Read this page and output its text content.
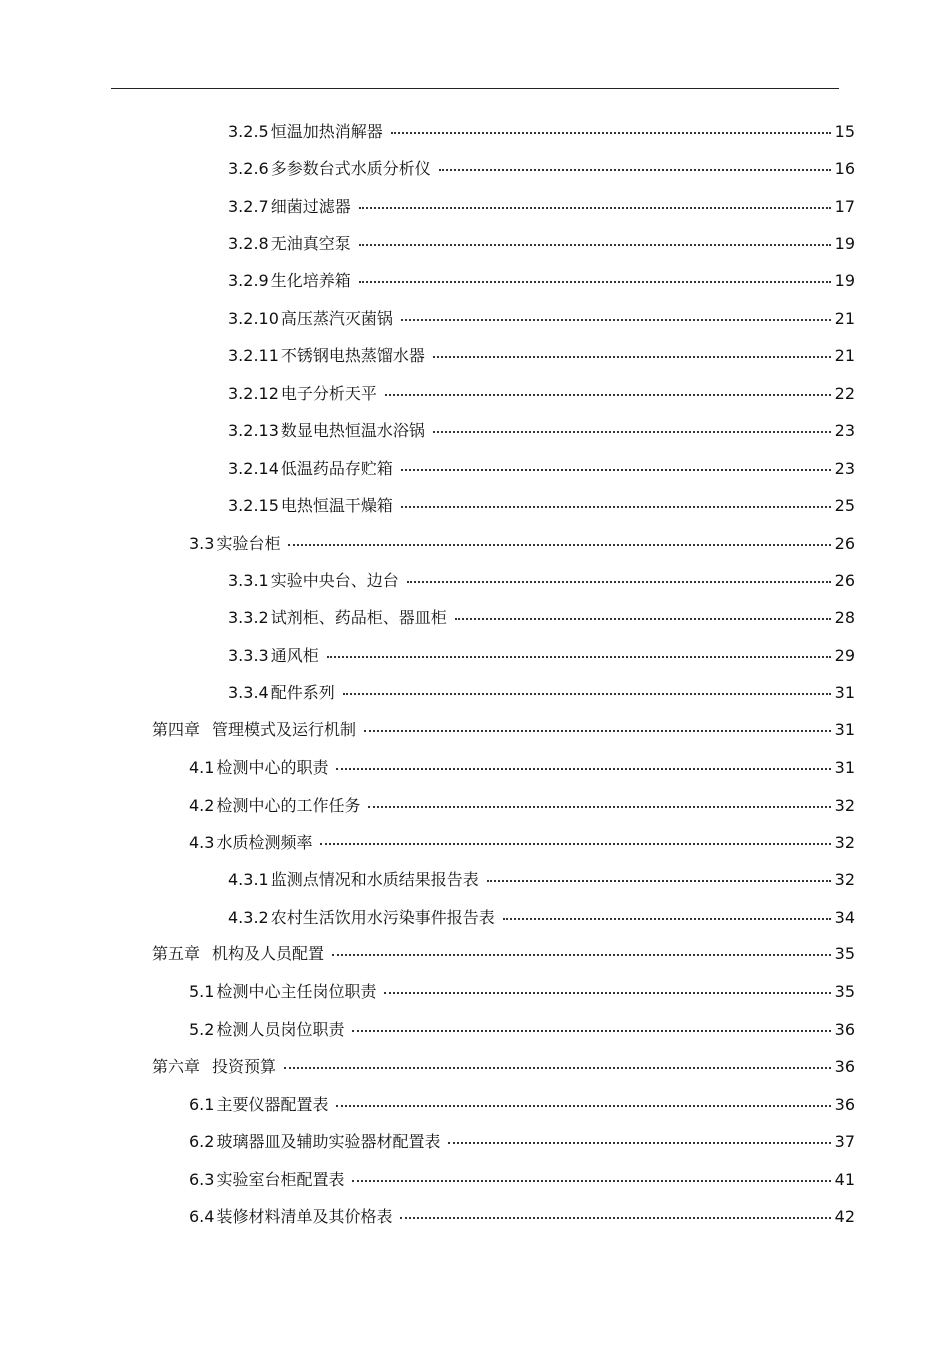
3.2.5 恒温加热消解器	15
3.2.6 多参数台式水质分析仪	16
3.2.7 细菌过滤器	17
3.2.8 无油真空泵	19
3.2.9 生化培养箱	19
3.2.10 高压蒸汽灭菌锅	21
3.2.11 不锈钢电热蒸馏水器	21
3.2.12 电子分析天平	22
3.2.13 数显电热恒温水浴锅	23
3.2.14 低温药品存贮箱	23
3.2.15 电热恒温干燥箱	25
3.3 实验台柜	26
3.3.1 实验中央台、边台	26
3.3.2 试剂柜、药品柜、器皿柜	28
3.3.3 通风柜	29
3.3.4 配件系列	31
第四章 管理模式及运行机制	31
4.1 检测中心的职责	31
4.2 检测中心的工作任务	32
4.3 水质检测频率	32
4.3.1 监测点情况和水质结果报告表	32
4.3.2 农村生活饮用水污染事件报告表	34
第五章 机构及人员配置	35
5.1 检测中心主任岗位职责	35
5.2 检测人员岗位职责	36
第六章 投资预算	36
6.1 主要仪器配置表	36
6.2 玻璃器皿及辅助实验器材配置表	37
6.3 实验室台柜配置表	41
6.4 装修材料清单及其价格表	42
